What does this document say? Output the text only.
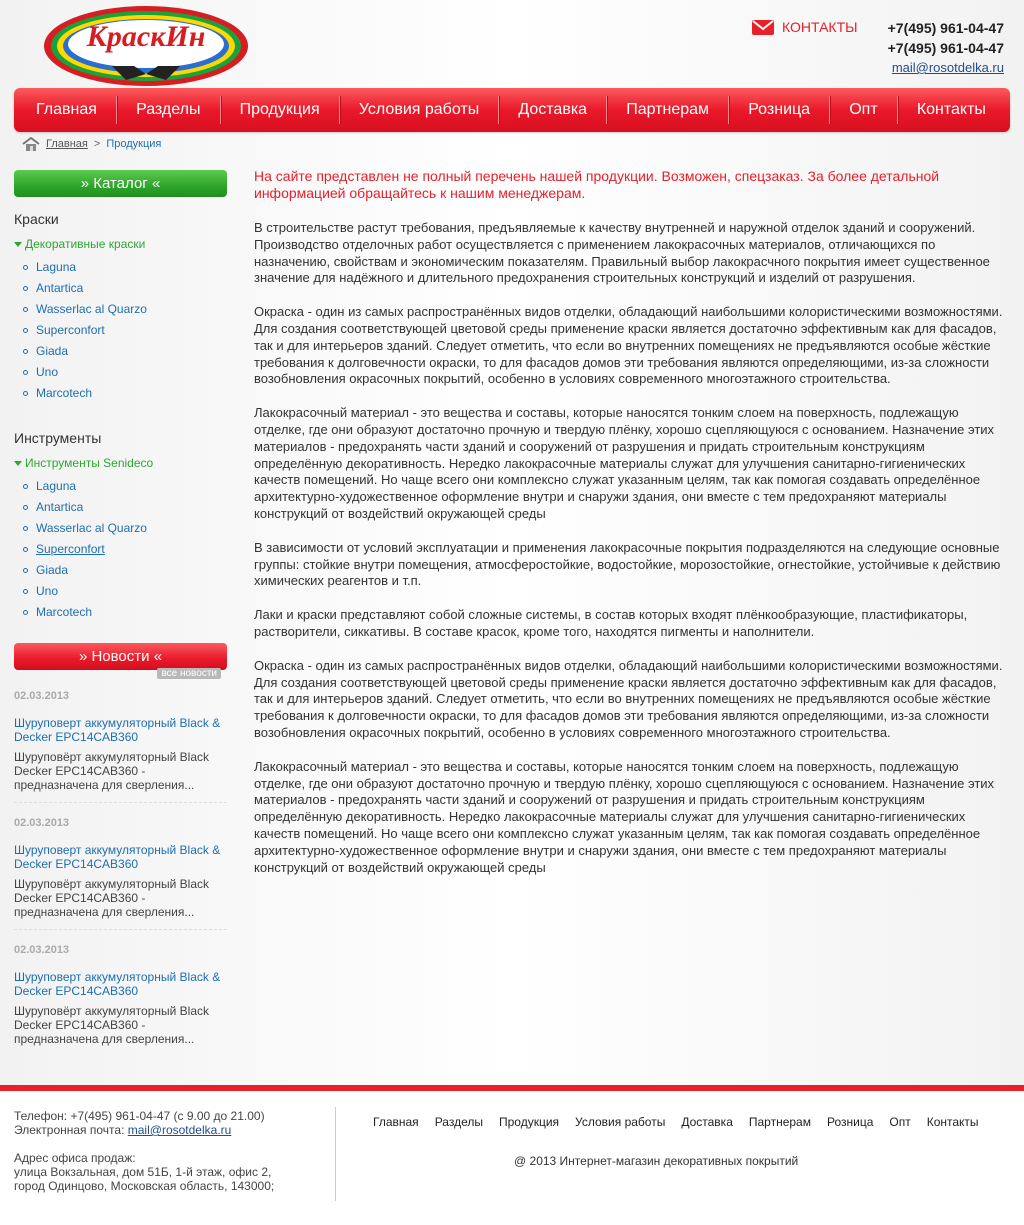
КраскИн	КОНТАКТЫ +7(495) 961-04-47
+7(495) 961-04-47
mail@rosotdelka.ru
Главная	Разделы	Продукция	Условия работы	Доставка	Партнерам	Розница	Опт	Контакты
Главная > Продукция
» Каталог «
Краски
Декоративные краски
Laguna
Antartica
Wasserlac al Quarzo
Superconfort
Giada
Uno
Marcotech
Инструменты
Инструменты Senideco
Laguna
Antartica
Wasserlac al Quarzo
Superconfort
Giada
Uno
Marcotech
» Новости «
все новости
02.03.2013
Шуруповерт аккумуляторный Black & Decker EPC14CAB360
Шуруповёрт аккумуляторный Black Decker EPC14CAB360 - предназначена для сверления...
02.03.2013
Шуруповерт аккумуляторный Black & Decker EPC14CAB360
Шуруповёрт аккумуляторный Black Decker EPC14CAB360 - предназначена для сверления...
02.03.2013
Шуруповерт аккумуляторный Black & Decker EPC14CAB360
Шуруповёрт аккумуляторный Black Decker EPC14CAB360 - предназначена для сверления...

На сайте представлен не полный перечень нашей продукции. Возможен, спецзаказ. За более детальной информацией обращайтесь к нашим менеджерам.

В строительстве растут требования, предъявляемые к качеству внутренней и наружной отделок зданий и сооружений. Производство отделочных работ осуществляется с применением лакокрасочных материалов, отличающихся по назначению, свойствам и экономическим показателям. Правильный выбор лакокрасчного покрытия имеет существенное значение для надёжного и длительного предохранения строительных конструкций и изделий от разрушения.

Окраска - один из самых распространённых видов отделки, обладающий наибольшими колористическими возможностями. Для создания соответствующей цветовой среды применение краски является достаточно эффективным как для фасадов, так и для интерьеров зданий. Следует отметить, что если во внутренних помещениях не предъявляются особые жёсткие требования к долговечности окраски, то для фасадов домов эти требования являются определяющими, из-за сложности возобновления окрасочных покрытий, особенно в условиях современного многоэтажного строительства.

Лакокрасочный материал - это вещества и составы, которые наносятся тонким слоем на поверхность, подлежащую отделке, где они образуют достаточно прочную и твердую плёнку, хорошо сцепляющуюся с основанием. Назначение этих материалов - предохранять части зданий и сооружений от разрушения и придать строительным конструкциям определённую декоративность. Нередко лакокрасочные материалы служат для улучшения санитарно-гигиенических качеств помещений. Но чаще всего они комплексно служат указанным целям, так как помогая создавать определённое архитектурно-художественное оформление внутри и снаружи здания, они вместе с тем предохраняют материалы конструкций от воздействий окружающей среды

В зависимости от условий эксплуатации и применения лакокрасочные покрытия подразделяются на следующие основные группы: стойкие внутри помещения, атмосферостойкие, водостойкие, морозостойкие, огнестойкие, устойчивые к действию химических реагентов и т.п.

Лаки и краски представляют собой сложные системы, в состав которых входят плёнкообразующие, пластификаторы, растворители, сиккативы. В составе красок, кроме того, находятся пигменты и наполнители.

Окраска - один из самых распространённых видов отделки, обладающий наибольшими колористическими возможностями. Для создания соответствующей цветовой среды применение краски является достаточно эффективным как для фасадов, так и для интерьеров зданий. Следует отметить, что если во внутренних помещениях не предъявляются особые жёсткие требования к долговечности окраски, то для фасадов домов эти требования являются определяющими, из-за сложности возобновления окрасочных покрытий, особенно в условиях современного многоэтажного строительства.

Лакокрасочный материал - это вещества и составы, которые наносятся тонким слоем на поверхность, подлежащую отделке, где они образуют достаточно прочную и твердую плёнку, хорошо сцепляющуюся с основанием. Назначение этих материалов - предохранять части зданий и сооружений от разрушения и придать строительным конструкциям определённую декоративность. Нередко лакокрасочные материалы служат для улучшения санитарно-гигиенических качеств помещений. Но чаще всего они комплексно служат указанным целям, так как помогая создавать определённое архитектурно-художественное оформление внутри и снаружи здания, они вместе с тем предохраняют материалы конструкций от воздействий окружающей среды

Телефон: +7(495) 961-04-47 (с 9.00 до 21.00)
Электронная почта: mail@rosotdelka.ru
Адрес офиса продаж:
улица Вокзальная, дом 51Б, 1-й этаж, офис 2,
город Одинцово, Московская область, 143000;
Главная Разделы Продукция Условия работы Доставка Партнерам Розница Опт Контакты
@ 2013 Интернет-магазин декоративных покрытий
